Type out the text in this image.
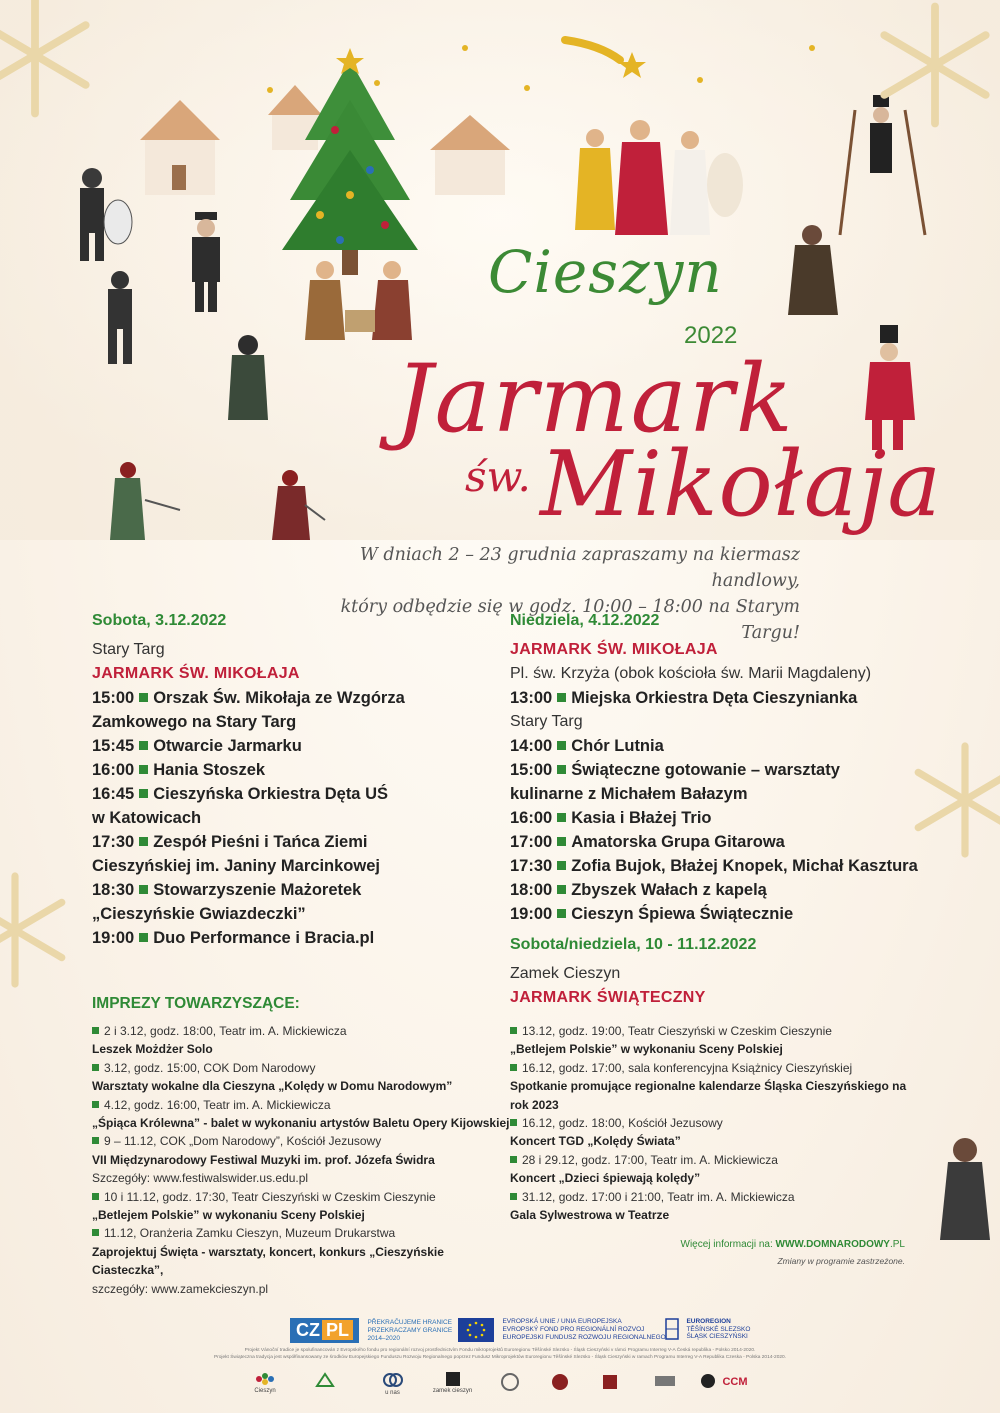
Cieszyn
2022
Jarmark
św. Mikołaja
W dniach 2 – 23 grudnia zapraszamy na kiermasz handlowy,
który odbędzie się w godz. 10:00 – 18:00 na Starym Targu!
Sobota, 3.12.2022
Stary Targ
JARMARK ŚW. MIKOŁAJA
15:00 Orszak Św. Mikołaja ze Wzgórza
Zamkowego na Stary Targ
15:45 Otwarcie Jarmarku
16:00 Hania Stoszek
16:45 Cieszyńska Orkiestra Dęta UŚ
w Katowicach
17:30 Zespół Pieśni i Tańca Ziemi
Cieszyńskiej im. Janiny Marcinkowej
18:30 Stowarzyszenie Mażoretek
„Cieszyńskie Gwiazdeczki”
19:00 Duo Performance i Bracia.pl
Niedziela, 4.12.2022
JARMARK ŚW. MIKOŁAJA
Pl. św. Krzyża (obok kościoła św. Marii Magdaleny)
13:00 Miejska Orkiestra Dęta Cieszynianka
Stary Targ
14:00 Chór Lutnia
15:00 Świąteczne gotowanie – warsztaty
kulinarne z Michałem Bałazym
16:00 Kasia i Błażej Trio
17:00 Amatorska Grupa Gitarowa
17:30 Zofia Bujok, Błażej Knopek, Michał Kasztura
18:00 Zbyszek Wałach z kapelą
19:00 Cieszyn Śpiewa Świątecznie
Sobota/niedziela, 10 - 11.12.2022
Zamek Cieszyn
JARMARK ŚWIĄTECZNY
IMPREZY TOWARZYSZĄCE:
2 i 3.12, godz. 18:00, Teatr im. A. Mickiewicza
Leszek Możdżer Solo
3.12, godz. 15:00, COK Dom Narodowy
Warsztaty wokalne dla Cieszyna „Kolędy w Domu Narodowym”
4.12, godz. 16:00, Teatr im. A. Mickiewicza
„Śpiąca Królewna” - balet w wykonaniu artystów Baletu Opery Kijowskiej
9 – 11.12, COK „Dom Narodowy”, Kościół Jezusowy
VII Międzynarodowy Festiwal Muzyki im. prof. Józefa Świdra
Szczegóły: www.festiwalswider.us.edu.pl
10 i 11.12, godz. 17:30, Teatr Cieszyński w Czeskim Cieszynie
„Betlejem Polskie” w wykonaniu Sceny Polskiej
11.12, Oranżeria Zamku Cieszyn, Muzeum Drukarstwa
Zaprojektuj Święta - warsztaty, koncert, konkurs „Cieszyńskie Ciasteczka”,
szczegóły: www.zamekcieszyn.pl
13.12, godz. 19:00, Teatr Cieszyński w Czeskim Cieszynie
„Betlejem Polskie” w wykonaniu Sceny Polskiej
16.12, godz. 17:00, sala konferencyjna Książnicy Cieszyńskiej
Spotkanie promujące regionalne kalendarze Śląska Cieszyńskiego na rok 2023
16.12, godz. 18:00, Kościół Jezusowy
Koncert TGD „Kolędy Świata”
28 i 29.12, godz. 17:00, Teatr im. A. Mickiewicza
Koncert „Dzieci śpiewają kolędy”
31.12, godz. 17:00 i 21:00, Teatr im. A. Mickiewicza
Gala Sylwestrowa w Teatrze
Więcej informacji na: WWW.DOMNARODOWY.PL
Zmiany w programie zastrzeżone.
CZ PL	PŘEKRAČUJEME HRANICE
PRZEKRACZAMY GRANICE
2014–2020

EVROPSKÁ UNIE / UNIA EUROPEJSKA
EVROPSKÝ FOND PRO REGIONÁLNÍ ROZVOJ
EUROPEJSKI FUNDUSZ ROZWOJU REGIONALNEGO

EUROREGION
TĚŠÍNSKÉ SLEZSKO
ŚLĄSK CIESZYŃSKI
Projekt Vánoční tradice je spolufinancován z Evropského fondu pro regionální rozvoj prostřednictvím Fondu mikroprojektů Euroregionu Těšínské Slezsko - Śląsk Cieszyński v rámci Programu Interreg V-A Česká republika - Polsko 2014-2020.
Projekt Świąteczna tradycja jest współfinansowany ze środków Europejskiego Funduszu Rozwoju Regionalnego poprzez Fundusz Mikroprojektów Euroregionu Těšínské Slezsko - Śląsk Cieszyński w ramach Programu Interreg V-A Republika Czeska - Polska 2014-2020.
Cieszyn	u nas	zamek cieszyn
CCM
